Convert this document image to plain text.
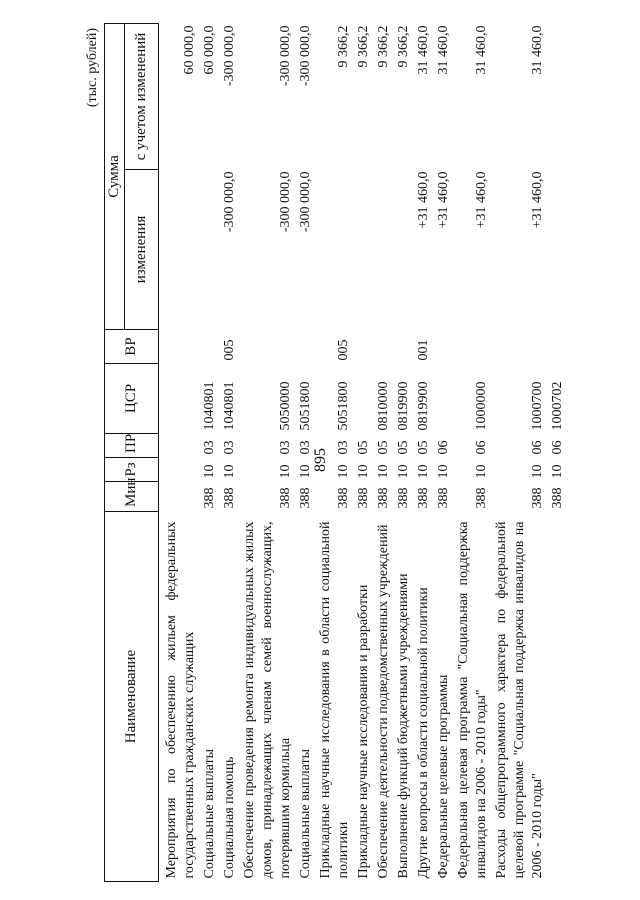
895
(тыс. рублей)
Наименование	Мин	Рз	ПР	ЦСР	ВР	Сумма	
						изменения	с учетом изменений
Мероприятия по обеспечению жильем федеральных государственных гражданских служащих							60 000,0
Социальные выплаты	388	10	03	1040801			60 000,0
Социальная помощь	388	10	03	1040801	005	-300 000,0	-300 000,0
Обеспечение проведения ремонта индивидуальных жилых домов, принадлежащих членам семей военнослужащих, потерявшим кормильца	388	10	03	5050000		-300 000,0	-300 000,0
Социальные выплаты	388	10	03	5051800		-300 000,0	-300 000,0
Прикладные научные исследования в области социальной политики	388	10	03	5051800	005		9 366,2
Прикладные научные исследования и разработки	388	10	05				9 366,2
Обеспечение деятельности подведомственных учреждений	388	10	05	0810000			9 366,2
Выполнение функций бюджетными учреждениями	388	10	05	0819900			9 366,2
Другие вопросы в области социальной политики	388	10	05	0819900	001	+31 460,0	31 460,0
Федеральные целевые программы	388	10	06			+31 460,0	31 460,0
Федеральная целевая программа "Социальная поддержка инвалидов на 2006 - 2010 годы"	388	10	06	1000000		+31 460,0	31 460,0
Расходы общепрограммного характера по федеральной целевой программе "Социальная поддержка инвалидов на 2006 - 2010 годы"	388	10	06	1000700		+31 460,0	31 460,0
	388	10	06	1000702			
